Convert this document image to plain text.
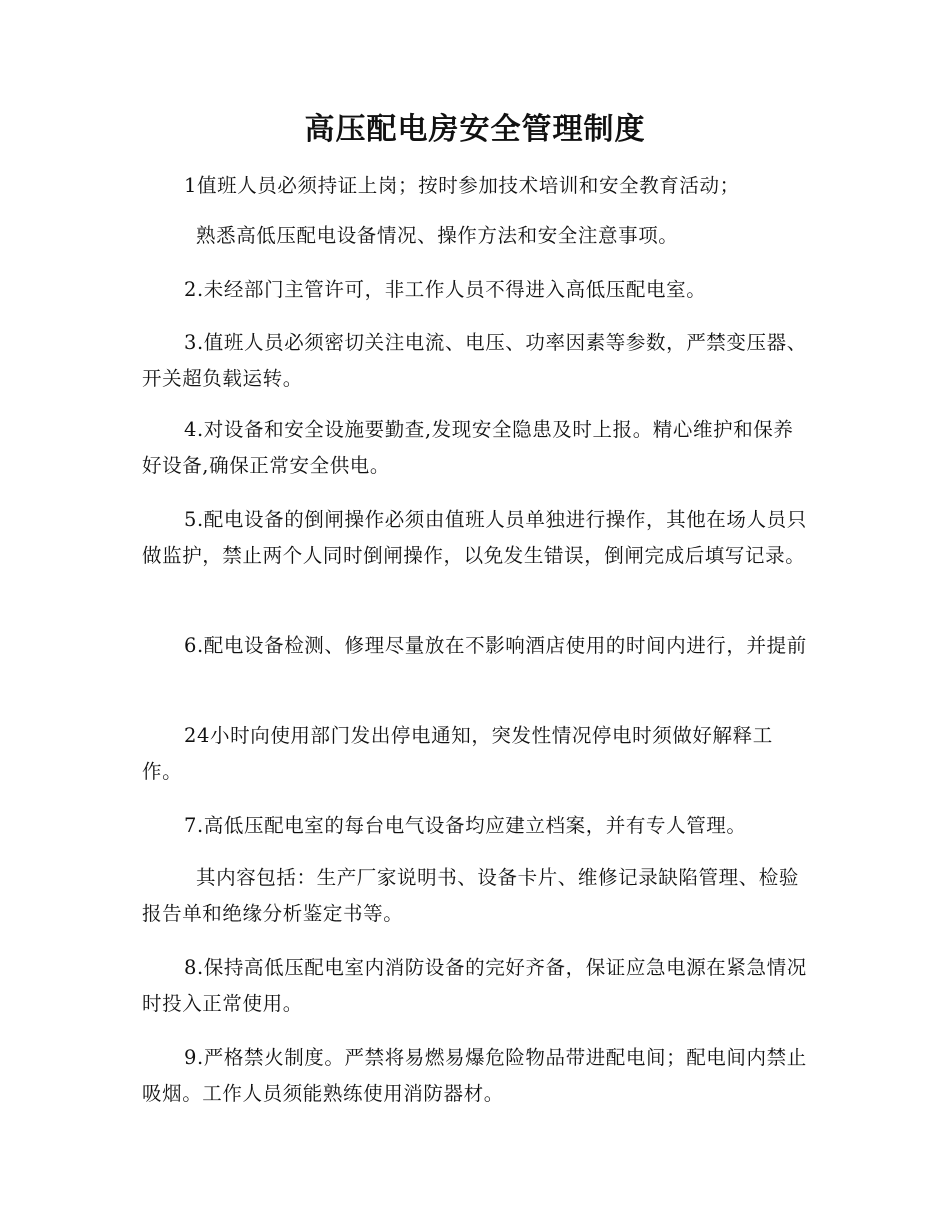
高压配电房安全管理制度

1值班人员必须持证上岗；按时参加技术培训和安全教育活动；

熟悉高低压配电设备情况、操作方法和安全注意事项。

2.未经部门主管许可，非工作人员不得进入高低压配电室。

3.值班人员必须密切关注电流、电压、功率因素等参数，严禁变压器、开关超负载运转。

4.对设备和安全设施要勤查,发现安全隐患及时上报。精心维护和保养好设备,确保正常安全供电。

5.配电设备的倒闸操作必须由值班人员单独进行操作，其他在场人员只做监护，禁止两个人同时倒闸操作，以免发生错误，倒闸完成后填写记录。

6.配电设备检测、修理尽量放在不影响酒店使用的时间内进行，并提前

24小时向使用部门发出停电通知，突发性情况停电时须做好解释工作。

7.高低压配电室的每台电气设备均应建立档案，并有专人管理。

其内容包括：生产厂家说明书、设备卡片、维修记录缺陷管理、检验报告单和绝缘分析鉴定书等。

8.保持高低压配电室内消防设备的完好齐备，保证应急电源在紧急情况时投入正常使用。

9.严格禁火制度。严禁将易燃易爆危险物品带进配电间；配电间内禁止吸烟。工作人员须能熟练使用消防器材。
